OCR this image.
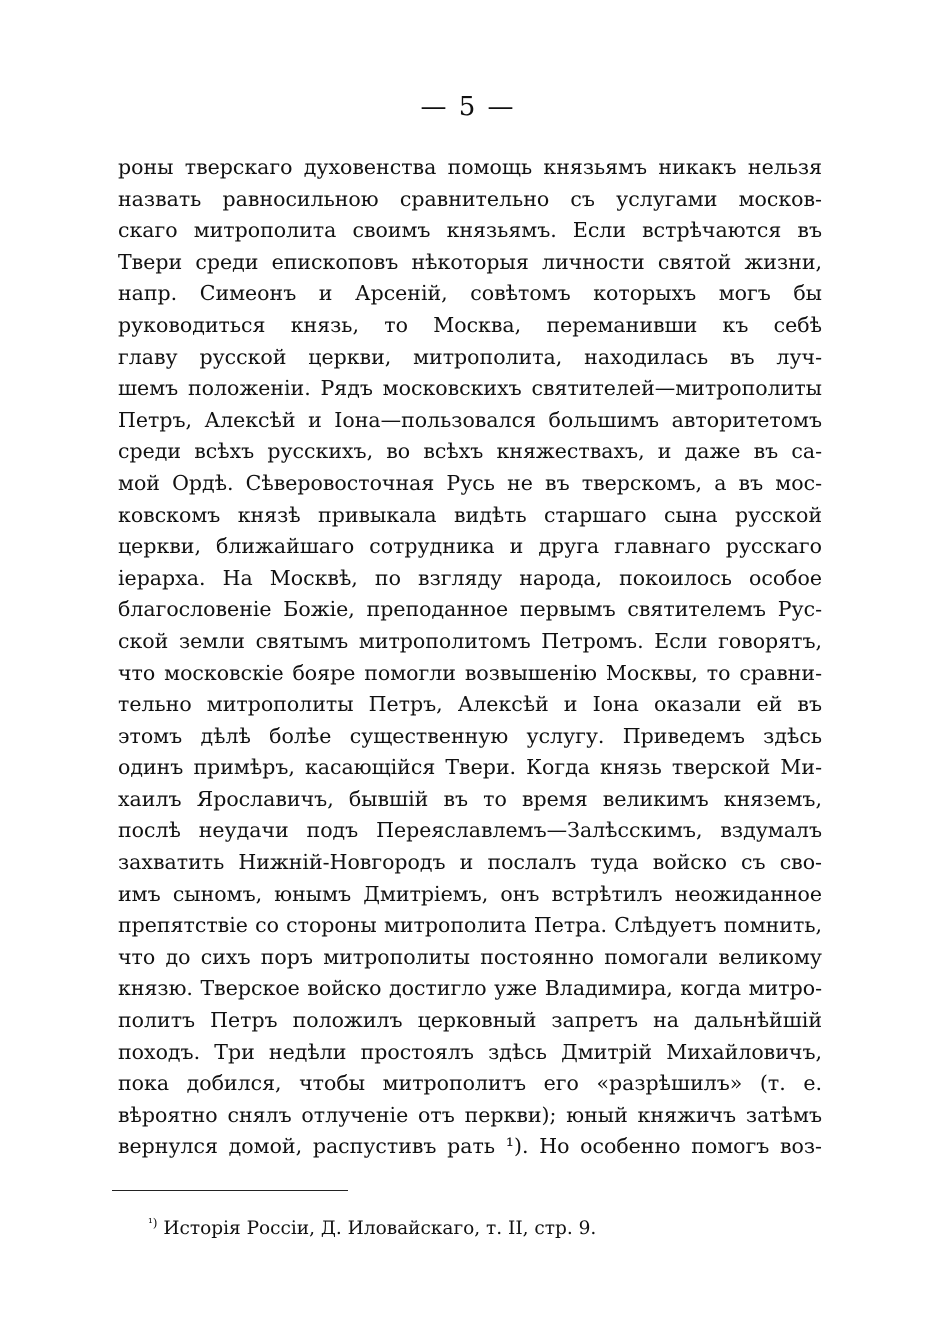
— 5 —
роны тверскаго духовенства помощь князьямъ никакъ нельзя
назвать равносильною сравнительно съ услугами москов-
скаго митрополита своимъ князьямъ. Если встрѣчаются въ
Твери среди епископовъ нѣкоторыя личности святой жизни,
напр. Симеонъ и Арсенiй, совѣтомъ которыхъ могъ бы
руководиться князь, то Москва, переманивши къ себѣ
главу русской церкви, митрополита, находилась въ луч-
шемъ положенiи. Рядъ московскихъ святителей—митрополиты
Петръ, Алексѣй и Iона—пользовался большимъ авторитетомъ
среди всѣхъ русскихъ, во всѣхъ княжествахъ, и даже въ са-
мой Ордѣ. Сѣверовосточная Русь не въ тверскомъ, а въ мос-
ковскомъ князѣ привыкала видѣть старшаго сына русской
церкви, ближайшаго сотрудника и друга главнаго русскаго
iерарха. На Москвѣ, по взгляду народа, покоилось особое
благословенiе Божiе, преподанное первымъ святителемъ Рус-
ской земли святымъ митрополитомъ Петромъ. Если говорятъ,
что московскiе бояре помогли возвышенiю Москвы, то сравни-
тельно митрополиты Петръ, Алексѣй и Iона оказали ей въ
этомъ дѣлѣ болѣе существенную услугу. Приведемъ здѣсь
одинъ примѣръ, касающiйся Твери. Когда князь тверской Ми-
хаилъ Ярославичъ, бывшiй въ то время великимъ княземъ,
послѣ неудачи подъ Переяславлемъ—Залѣсскимъ, вздумалъ
захватить Нижнiй-Новгородъ и послалъ туда войско съ сво-
имъ сыномъ, юнымъ Дмитрiемъ, онъ встрѣтилъ неожиданное
препятствiе со стороны митрополита Петра. Слѣдуетъ помнить,
что до сихъ поръ митрополиты постоянно помогали великому
князю. Тверское войско достигло уже Владимира, когда митро-
политъ Петръ положилъ церковный запретъ на дальнѣйшiй
походъ. Три недѣли простоялъ здѣсь Дмитрiй Михайловичъ,
пока добился, чтобы митрополитъ его «разрѣшилъ» (т. е.
вѣроятно снялъ отлученiе отъ перкви); юный княжичъ затѣмъ
вернулся домой, распустивъ рать ¹). Но особенно помогъ воз-
$^{^1)}$ Исторiя Россiи, Д. Иловайскаго, т. II, стр. 9.
